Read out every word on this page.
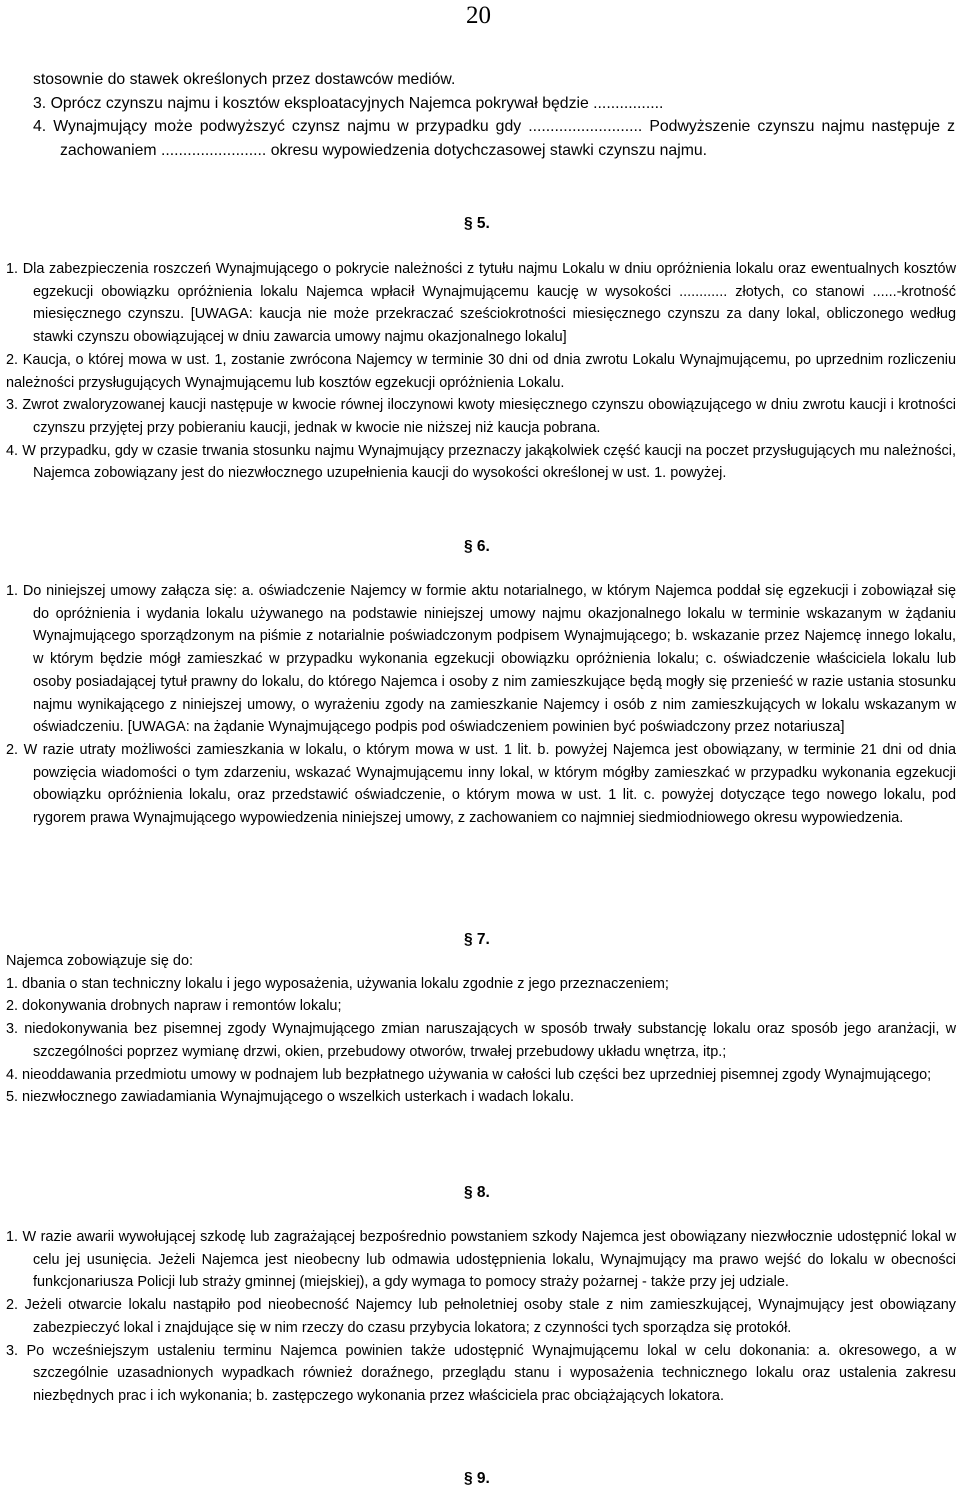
20

stosownie do stawek określonych przez dostawców mediów.

3. Oprócz czynszu najmu i kosztów eksploatacyjnych Najemca pokrywał będzie ................

4. Wynajmujący może podwyższyć czynsz najmu w przypadku gdy .......................... Podwyższenie czynszu najmu następuje z zachowaniem ........................ okresu wypowiedzenia dotychczasowej stawki czynszu najmu.

§ 5.

1. Dla zabezpieczenia roszczeń Wynajmującego o pokrycie należności z tytułu najmu Lokalu w dniu opróżnienia lokalu oraz ewentualnych kosztów egzekucji obowiązku opróżnienia lokalu Najemca wpłacił Wynajmującemu kaucję w wysokości ............ złotych, co stanowi ......-krotność miesięcznego czynszu. [UWAGA: kaucja nie może przekraczać sześciokrotności miesięcznego czynszu za dany lokal, obliczonego według stawki czynszu obowiązującej w dniu zawarcia umowy najmu okazjonalnego lokalu]

2. Kaucja, o której mowa w ust. 1, zostanie zwrócona Najemcy w terminie 30 dni od dnia zwrotu Lokalu Wynajmującemu, po uprzednim rozliczeniu należności przysługujących Wynajmującemu lub kosztów egzekucji opróżnienia Lokalu.

3. Zwrot zwaloryzowanej kaucji następuje w kwocie równej iloczynowi kwoty miesięcznego czynszu obowiązującego w dniu zwrotu kaucji i krotności czynszu przyjętej przy pobieraniu kaucji, jednak w kwocie nie niższej niż kaucja pobrana.

4. W przypadku, gdy w czasie trwania stosunku najmu Wynajmujący przeznaczy jakąkolwiek część kaucji na poczet przysługujących mu należności, Najemca zobowiązany jest do niezwłocznego uzupełnienia kaucji do wysokości określonej w ust. 1. powyżej.

§ 6.

1. Do niniejszej umowy załącza się: a. oświadczenie Najemcy w formie aktu notarialnego, w którym Najemca poddał się egzekucji i zobowiązał się do opróżnienia i wydania lokalu używanego na podstawie niniejszej umowy najmu okazjonalnego lokalu w terminie wskazanym w żądaniu Wynajmującego sporządzonym na piśmie z notarialnie poświadczonym podpisem Wynajmującego; b. wskazanie przez Najemcę innego lokalu, w którym będzie mógł zamieszkać w przypadku wykonania egzekucji obowiązku opróżnienia lokalu; c. oświadczenie właściciela lokalu lub osoby posiadającej tytuł prawny do lokalu, do którego Najemca i osoby z nim zamieszkujące będą mogły się przenieść w razie ustania stosunku najmu wynikającego z niniejszej umowy, o wyrażeniu zgody na zamieszkanie Najemcy i osób z nim zamieszkujących w lokalu wskazanym w oświadczeniu. [UWAGA: na żądanie Wynajmującego podpis pod oświadczeniem powinien być poświadczony przez notariusza]

2. W razie utraty możliwości zamieszkania w lokalu, o którym mowa w ust. 1 lit. b. powyżej Najemca jest obowiązany, w terminie 21 dni od dnia powzięcia wiadomości o tym zdarzeniu, wskazać Wynajmującemu inny lokal, w którym mógłby zamieszkać w przypadku wykonania egzekucji obowiązku opróżnienia lokalu, oraz przedstawić oświadczenie, o którym mowa w ust. 1 lit. c. powyżej dotyczące tego nowego lokalu, pod rygorem prawa Wynajmującego wypowiedzenia niniejszej umowy, z zachowaniem co najmniej siedmiodniowego okresu wypowiedzenia.

§ 7.

Najemca zobowiązuje się do:

1. dbania o stan techniczny lokalu i jego wyposażenia, używania lokalu zgodnie z jego przeznaczeniem;

2. dokonywania drobnych napraw i remontów lokalu;

3. niedokonywania bez pisemnej zgody Wynajmującego zmian naruszających w sposób trwały substancję lokalu oraz sposób jego aranżacji, w szczególności poprzez wymianę drzwi, okien, przebudowy otworów, trwałej przebudowy układu wnętrza, itp.;

4. nieoddawania przedmiotu umowy w podnajem lub bezpłatnego używania w całości lub części bez uprzedniej pisemnej zgody Wynajmującego;

5. niezwłocznego zawiadamiania Wynajmującego o wszelkich usterkach i wadach lokalu.

§ 8.

1. W razie awarii wywołującej szkodę lub zagrażającej bezpośrednio powstaniem szkody Najemca jest obowiązany niezwłocznie udostępnić lokal w celu jej usunięcia. Jeżeli Najemca jest nieobecny lub odmawia udostępnienia lokalu, Wynajmujący ma prawo wejść do lokalu w obecności funkcjonariusza Policji lub straży gminnej (miejskiej), a gdy wymaga to pomocy straży pożarnej - także przy jej udziale.

2. Jeżeli otwarcie lokalu nastąpiło pod nieobecność Najemcy lub pełnoletniej osoby stale z nim zamieszkującej, Wynajmujący jest obowiązany zabezpieczyć lokal i znajdujące się w nim rzeczy do czasu przybycia lokatora; z czynności tych sporządza się protokół.

3. Po wcześniejszym ustaleniu terminu Najemca powinien także udostępnić Wynajmującemu lokal w celu dokonania: a. okresowego, a w szczególnie uzasadnionych wypadkach również doraźnego, przeglądu stanu i wyposażenia technicznego lokalu oraz ustalenia zakresu niezbędnych prac i ich wykonania; b. zastępczego wykonania przez właściciela prac obciążających lokatora.

§ 9.
